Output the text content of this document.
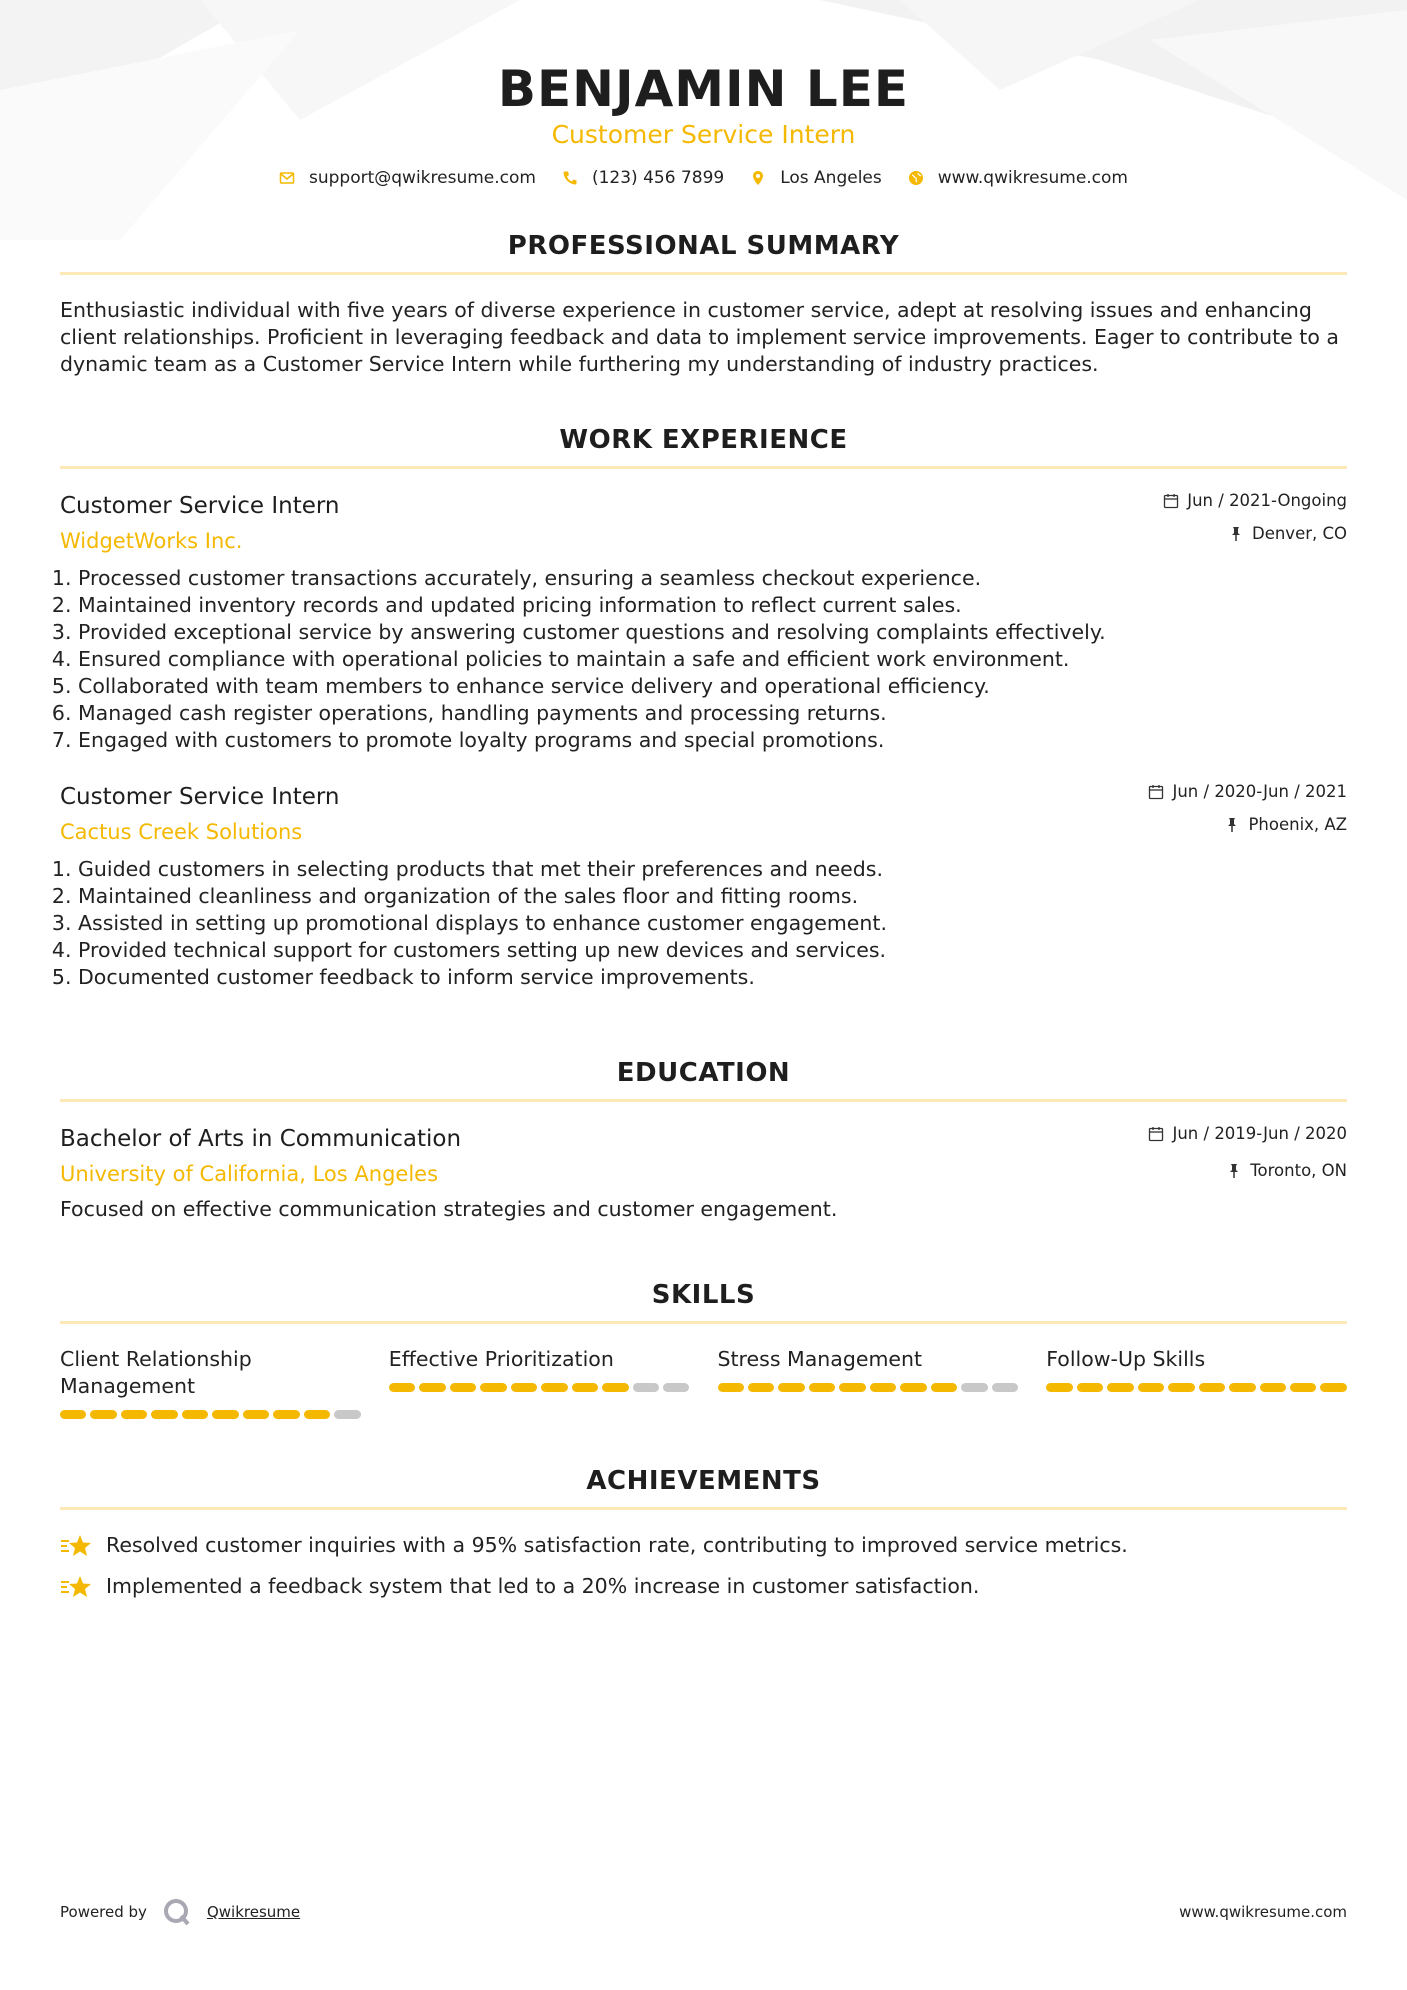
BENJAMIN LEE
Customer Service Intern
support@qwikresume.com	(123) 456 7899	Los Angeles	www.qwikresume.com
PROFESSIONAL SUMMARY
Enthusiastic individual with five years of diverse experience in customer service, adept at resolving issues and enhancing client relationships. Proficient in leveraging feedback and data to implement service improvements. Eager to contribute to a dynamic team as a Customer Service Intern while furthering my understanding of industry practices.
WORK EXPERIENCE
Customer Service Intern
WidgetWorks Inc.
Jun / 2021-Ongoing
Denver, CO
1. Processed customer transactions accurately, ensuring a seamless checkout experience.
2. Maintained inventory records and updated pricing information to reflect current sales.
3. Provided exceptional service by answering customer questions and resolving complaints effectively.
4. Ensured compliance with operational policies to maintain a safe and efficient work environment.
5. Collaborated with team members to enhance service delivery and operational efficiency.
6. Managed cash register operations, handling payments and processing returns.
7. Engaged with customers to promote loyalty programs and special promotions.
Customer Service Intern
Cactus Creek Solutions
Jun / 2020-Jun / 2021
Phoenix, AZ
1. Guided customers in selecting products that met their preferences and needs.
2. Maintained cleanliness and organization of the sales floor and fitting rooms.
3. Assisted in setting up promotional displays to enhance customer engagement.
4. Provided technical support for customers setting up new devices and services.
5. Documented customer feedback to inform service improvements.
EDUCATION
Bachelor of Arts in Communication
University of California, Los Angeles
Jun / 2019-Jun / 2020
Toronto, ON
Focused on effective communication strategies and customer engagement.
SKILLS
Client Relationship Management
Effective Prioritization	Stress Management	Follow-Up Skills
ACHIEVEMENTS
Resolved customer inquiries with a 95% satisfaction rate, contributing to improved service metrics.
Implemented a feedback system that led to a 20% increase in customer satisfaction.
Powered by	Qwikresume	www.qwikresume.com
